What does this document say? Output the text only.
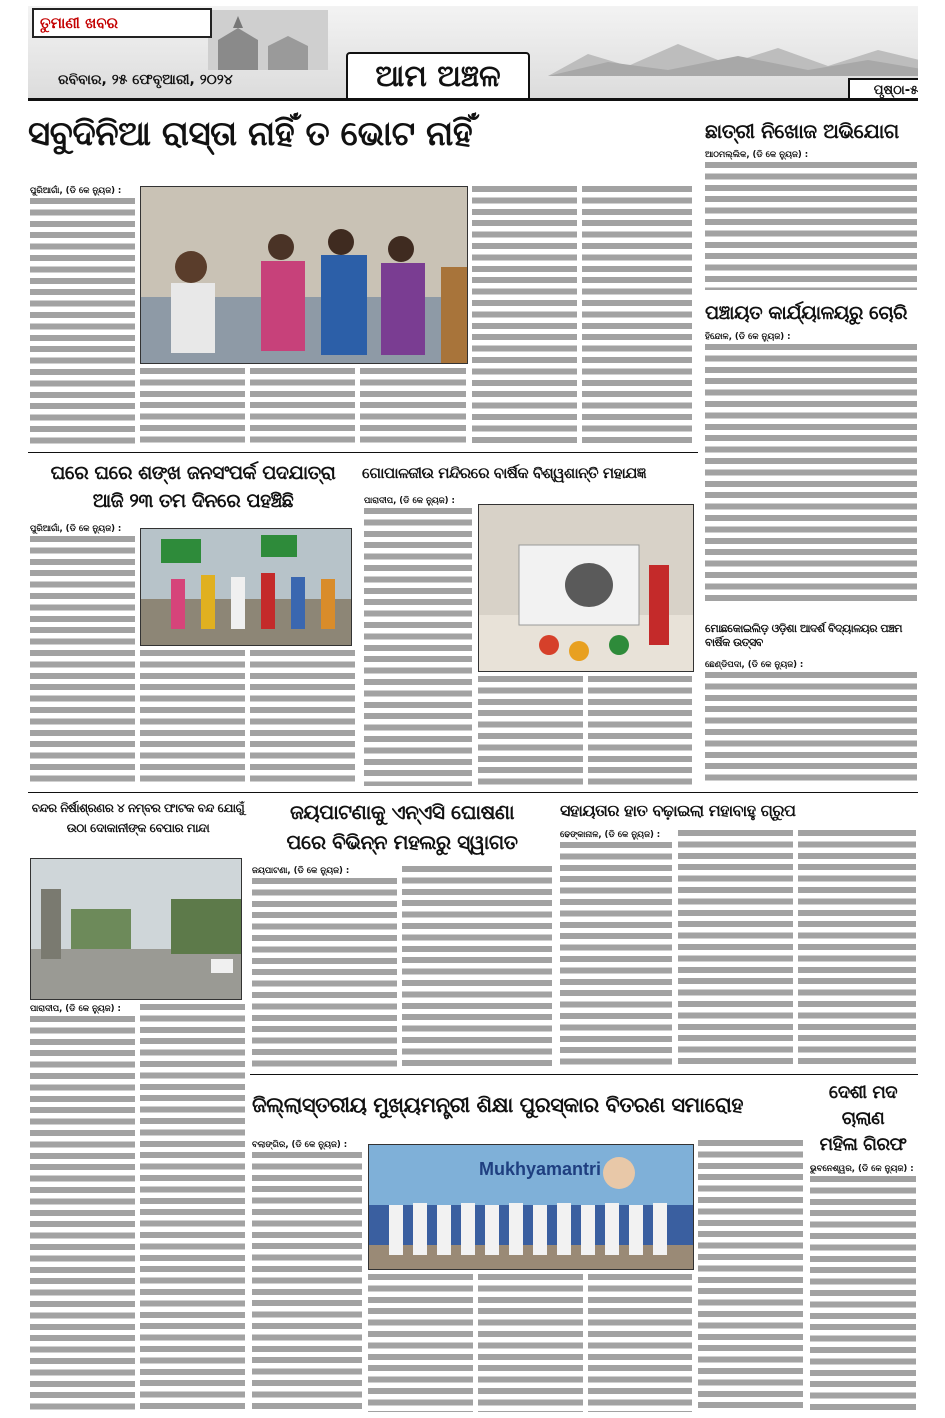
ତୁମାଣୀ ଖବର
ରବିବାର, ୨୫ ଫେବୃଆରୀ, ୨୦୨୪	ଆମ ଅଞ୍ଚଳ	ପୃଷ୍ଠା-୫
ସବୁଦିନିଆ ରାସ୍ତା ନାହିଁ ତ ଭୋଟ ନାହିଁ
ପୁରିଆଗାଁ, (ଡି କେ ନ୍ୟୁଜ) :
ଛାତ୍ରୀ ନିଖୋଜ ଅଭିଯୋଗ
ଆଠମଲ୍ଲିକ, (ଡି କେ ନ୍ୟୁଜ) :
ପଞ୍ଚାୟତ କାର୍ଯ୍ୟାଳୟରୁ ଚୋରି
ହିନ୍ଦୋଳ, (ଡି କେ ନ୍ୟୁଜ) :
ଘରେ ଘରେ ଶଙ୍ଖ ଜନସଂପର୍କ ପଦଯାତ୍ରା
ଆଜି ୨୩ ତମ ଦିନରେ ପହଞ୍ଚିଛି
ପୁରିଆଗାଁ, (ଡି କେ ନ୍ୟୁଜ) :
ଗୋପାଳଜୀଉ ମନ୍ଦିରରେ ବାର୍ଷିକ ବିଶ୍ୱଶାନ୍ତି ମହାଯଜ୍ଞ
ପାରାଦୀପ, (ଡି କେ ନ୍ୟୁଜ) :
ମୋଛକୋଇଲିଡ଼ ଓଡ଼ିଶା ଆଦର୍ଶ ବିଦ୍ୟାଳୟର ପଞ୍ଚମ ବାର୍ଷିକ ଉତ୍ସବ
ଛେଣ୍ଡିପଦା, (ଡି କେ ନ୍ୟୁଜ) :
ବନ୍ଦର ନିର୍ଷାଶ୍ରଣର ୪ ନମ୍ବର ଫାଟକ ବନ୍ଦ ଯୋଗୁଁ ଉଠା ଦୋକାନୀଙ୍କ ବେପାର ମାନ୍ଦା
ପାରାଦୀପ, (ଡି କେ ନ୍ୟୁଜ) :
ଜୟପାଟଣାକୁ ଏନ୍‌ଏସି ଘୋଷଣା
ପରେ ବିଭିନ୍ନ ମହଲରୁ ସ୍ୱାଗତ
ଜୟପାଟଣା, (ଡି କେ ନ୍ୟୁଜ) :
ସହାୟତାର ହାତ ବଢ଼ାଇଲା ମହାବାହୁ ଗ୍ରୁପ
ଢେଙ୍କାନାଳ, (ଡି କେ ନ୍ୟୁଜ) :
ଜିଲ୍ଲାସ୍ତରୀୟ ମୁଖ୍ୟମନ୍ତ୍ରୀ ଶିକ୍ଷା ପୁରସ୍କାର ବିତରଣ ସମାରୋହ
ବଲାଙ୍ଗିର, (ଡି କେ ନ୍ୟୁଜ) :
Mukhyamantri
ଦେଶୀ ମଦ
ଚାଲାଣ
ମହିଳା ଗିରଫ
ଭୁବନେଶ୍ୱର, (ଡି କେ ନ୍ୟୁଜ) :
